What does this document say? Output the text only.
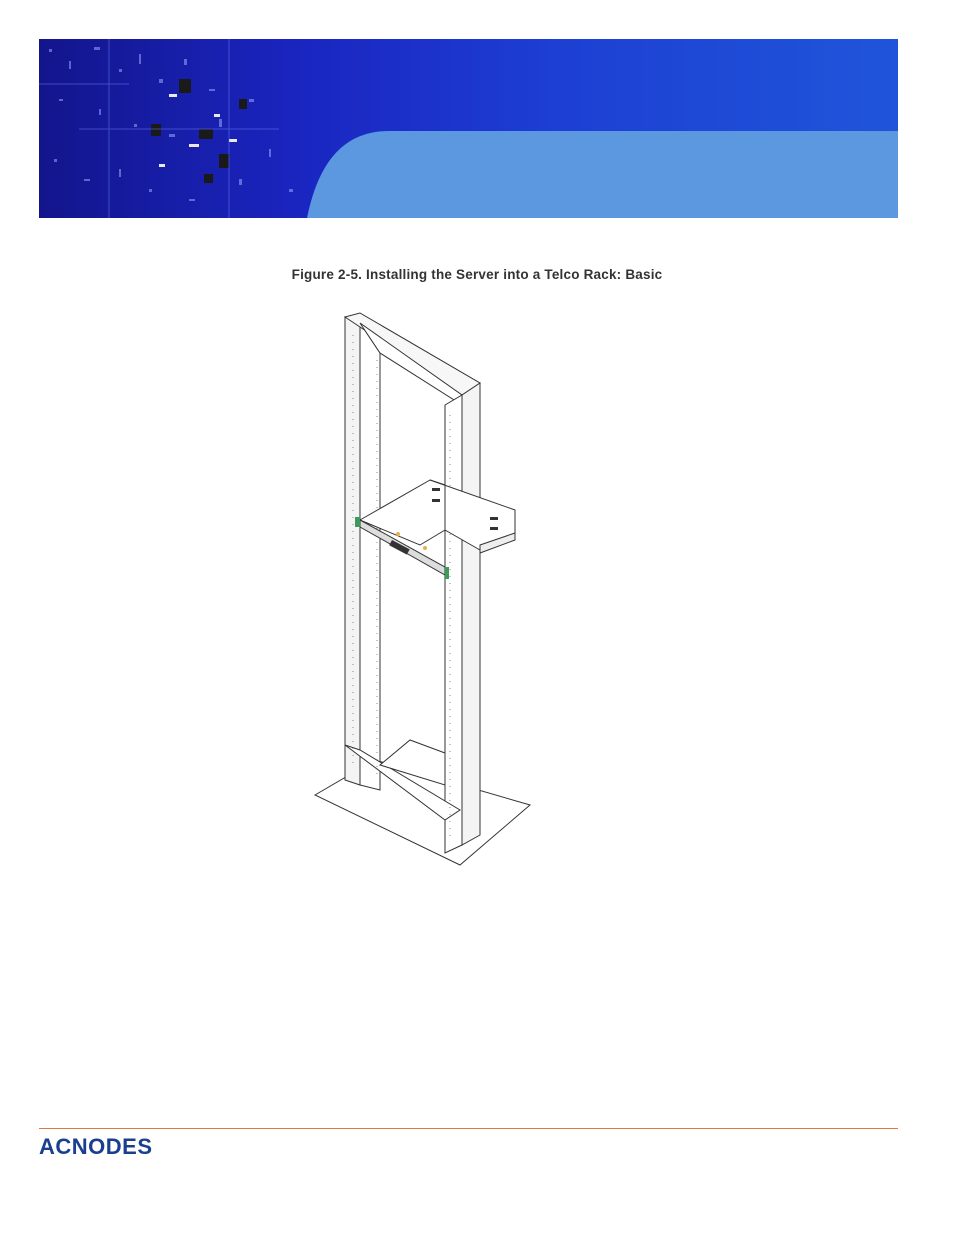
Figure 2-5. Installing the Server into a Telco Rack: Basic
ACNODES
